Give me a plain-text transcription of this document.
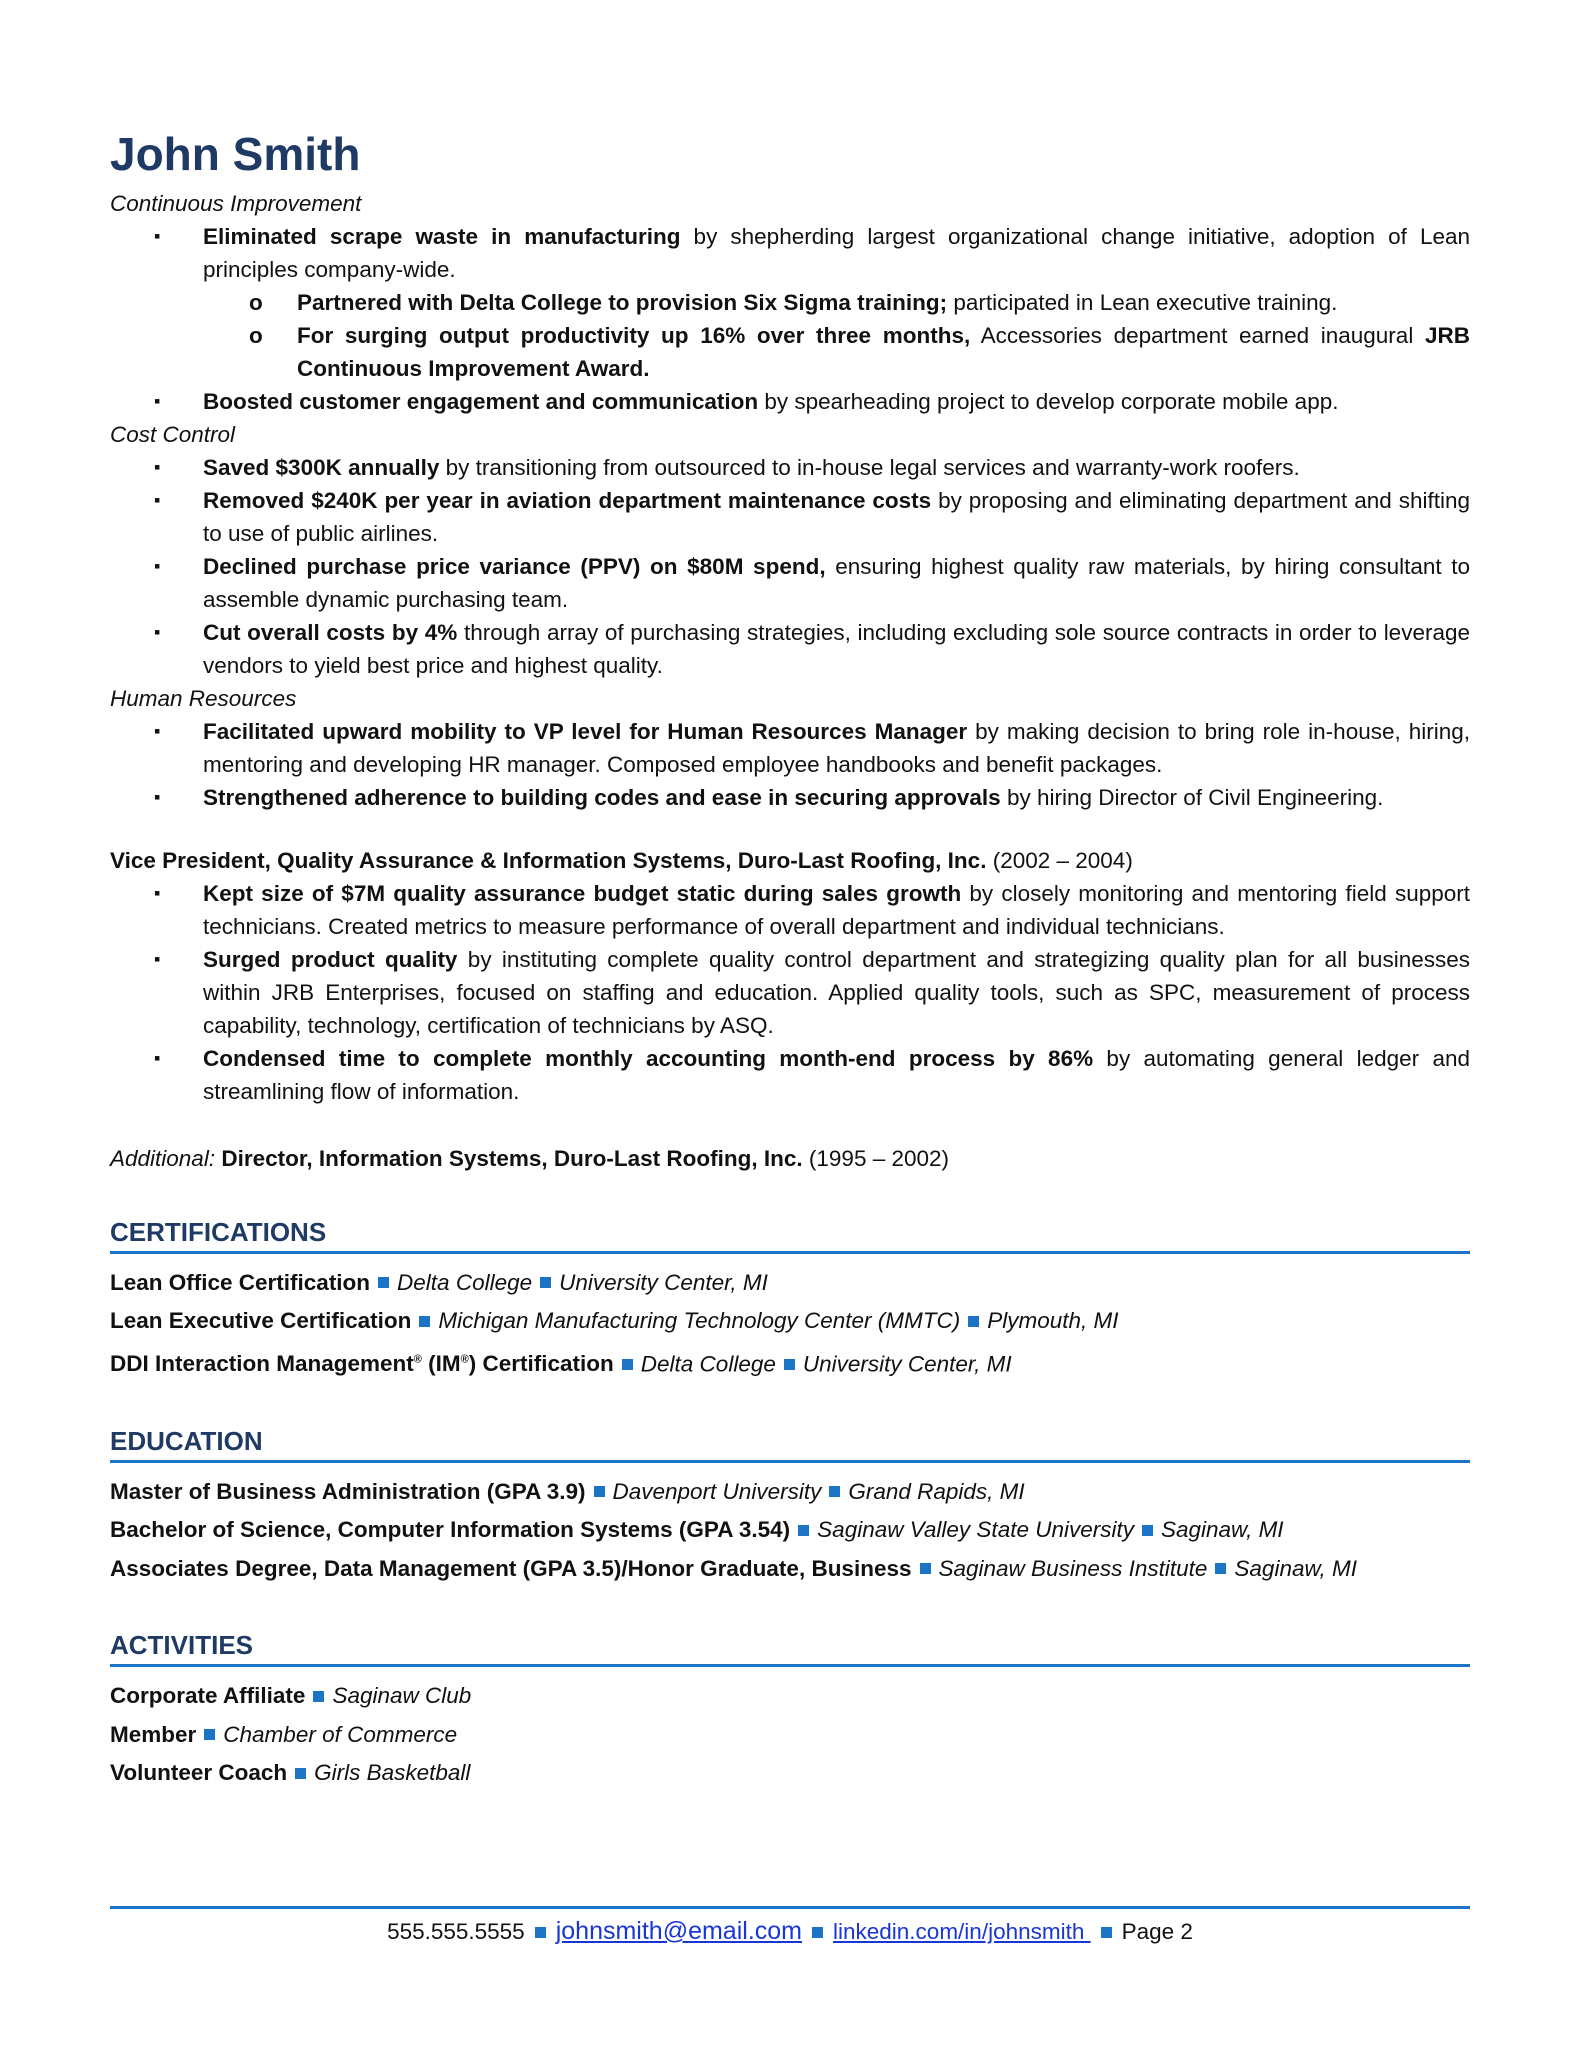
John Smith

Continuous Improvement

▪ Eliminated scrape waste in manufacturing by shepherding largest organizational change initiative, adoption of Lean principles company-wide.
o Partnered with Delta College to provision Six Sigma training; participated in Lean executive training.
o For surging output productivity up 16% over three months, Accessories department earned inaugural JRB Continuous Improvement Award.
▪ Boosted customer engagement and communication by spearheading project to develop corporate mobile app.

Cost Control

▪ Saved $300K annually by transitioning from outsourced to in-house legal services and warranty-work roofers.
▪ Removed $240K per year in aviation department maintenance costs by proposing and eliminating department and shifting to use of public airlines.
▪ Declined purchase price variance (PPV) on $80M spend, ensuring highest quality raw materials, by hiring consultant to assemble dynamic purchasing team.
▪ Cut overall costs by 4% through array of purchasing strategies, including excluding sole source contracts in order to leverage vendors to yield best price and highest quality.

Human Resources

▪ Facilitated upward mobility to VP level for Human Resources Manager by making decision to bring role in-house, hiring, mentoring and developing HR manager. Composed employee handbooks and benefit packages.
▪ Strengthened adherence to building codes and ease in securing approvals by hiring Director of Civil Engineering.

Vice President, Quality Assurance & Information Systems, Duro-Last Roofing, Inc. (2002 – 2004)

▪ Kept size of $7M quality assurance budget static during sales growth by closely monitoring and mentoring field support technicians. Created metrics to measure performance of overall department and individual technicians.
▪ Surged product quality by instituting complete quality control department and strategizing quality plan for all businesses within JRB Enterprises, focused on staffing and education. Applied quality tools, such as SPC, measurement of process capability, technology, certification of technicians by ASQ.
▪ Condensed time to complete monthly accounting month-end process by 86% by automating general ledger and streamlining flow of information.

Additional: Director, Information Systems, Duro-Last Roofing, Inc. (1995 – 2002)

CERTIFICATIONS
Lean Office Certification Delta College University Center, MI
Lean Executive Certification Michigan Manufacturing Technology Center (MMTC) Plymouth, MI
DDI Interaction Management® (IM®) Certification Delta College University Center, MI
EDUCATION
Master of Business Administration (GPA 3.9) Davenport University Grand Rapids, MI
Bachelor of Science, Computer Information Systems (GPA 3.54) Saginaw Valley State University Saginaw, MI
Associates Degree, Data Management (GPA 3.5)/Honor Graduate, Business Saginaw Business Institute Saginaw, MI
ACTIVITIES
Corporate Affiliate Saginaw Club
Member Chamber of Commerce
Volunteer Coach Girls Basketball
555.555.5555 johnsmith@email.com linkedin.com/in/johnsmith Page 2
